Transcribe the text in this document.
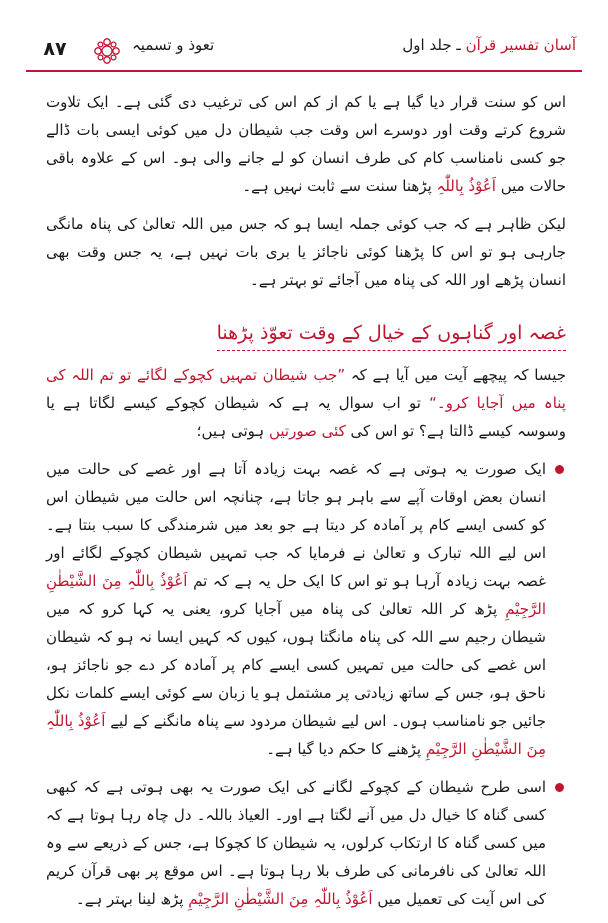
آسان تفسیر قرآن ـ جلد اول
تعوذ و تسمیہ
۸۷

اس کو سنت قرار دیا گیا ہے یا کم از کم اس کی ترغیب دی گئی ہے۔ ایک تلاوت شروع کرتے وقت اور دوسرے اس وقت جب شیطان دل میں کوئی ایسی بات ڈالے جو کسی نامناسب کام کی طرف انسان کو لے جانے والی ہو۔ اس کے علاوہ باقی حالات میں اَعُوْذُ بِاللّٰہِ پڑھنا سنت سے ثابت نہیں ہے۔

لیکن ظاہر ہے کہ جب کوئی جملہ ایسا ہو کہ جس میں اللہ تعالیٰ کی پناہ مانگی جارہی ہو تو اس کا پڑھنا کوئی ناجائز یا بری بات نہیں ہے، یہ جس وقت بھی انسان پڑھے اور اللہ کی پناہ میں آجائے تو بہتر ہے۔

غصہ اور گناہوں کے خیال کے وقت تعوّذ پڑھنا

جیسا کہ پیچھے آیت میں آیا ہے کہ ”جب شیطان تمہیں کچوکے لگائے تو تم اللہ کی پناہ میں آجایا کرو۔“ تو اب سوال یہ ہے کہ شیطان کچوکے کیسے لگاتا ہے یا وسوسہ کیسے ڈالتا ہے؟ تو اس کی کئی صورتیں ہوتی ہیں؛

ایک صورت یہ ہوتی ہے کہ غصہ بہت زیادہ آتا ہے اور غصے کی حالت میں انسان بعض اوقات آپے سے باہر ہو جاتا ہے، چنانچہ اس حالت میں شیطان اس کو کسی ایسے کام پر آمادہ کر دیتا ہے جو بعد میں شرمندگی کا سبب بنتا ہے۔ اس لیے اللہ تبارک و تعالیٰ نے فرمایا کہ جب تمہیں شیطان کچوکے لگائے اور غصہ بہت زیادہ آرہا ہو تو اس کا ایک حل یہ ہے کہ تم اَعُوْذُ بِاللّٰہِ مِنَ الشَّیْطٰنِ الرَّجِیْمِ پڑھ کر اللہ تعالیٰ کی پناہ میں آجایا کرو، یعنی یہ کہا کرو کہ میں شیطان رجیم سے اللہ کی پناہ مانگتا ہوں، کیوں کہ کہیں ایسا نہ ہو کہ شیطان اس غصے کی حالت میں تمہیں کسی ایسے کام پر آمادہ کر دے جو ناجائز ہو، ناحق ہو، جس کے ساتھ زیادتی پر مشتمل ہو یا زبان سے کوئی ایسے کلمات نکل جائیں جو نامناسب ہوں۔ اس لیے شیطان مردود سے پناہ مانگنے کے لیے اَعُوْذُ بِاللّٰہِ مِنَ الشَّیْطٰنِ الرَّجِیْمِ پڑھنے کا حکم دیا گیا ہے۔
اسی طرح شیطان کے کچوکے لگانے کی ایک صورت یہ بھی ہوتی ہے کہ کبھی کسی گناہ کا خیال دل میں آنے لگتا ہے اور۔ العیاذ باللہ۔ دل چاہ رہا ہوتا ہے کہ میں کسی گناہ کا ارتکاب کرلوں، یہ شیطان کا کچوکا ہے، جس کے ذریعے سے وہ اللہ تعالیٰ کی نافرمانی کی طرف بلا رہا ہوتا ہے۔ اس موقع پر بھی قرآن کریم کی اس آیت کی تعمیل میں اَعُوْذُ بِاللّٰہِ مِنَ الشَّیْطٰنِ الرَّجِیْمِ پڑھ لینا بہتر ہے۔
